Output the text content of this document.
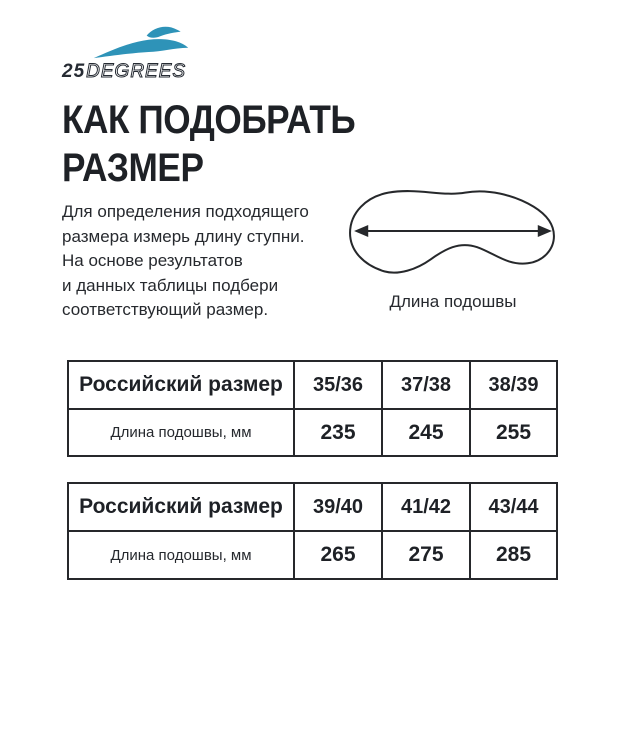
25DEGREES
КАК ПОДОБРАТЬ
РАЗМЕР

Для определения подходящего
размера измерь длину ступни.
На основе результатов
и данных таблицы подбери
соответствующий размер.	Длина подошвы
Российский размер	35/36	37/38	38/39
Длина подошвы, мм	235	245	255
Российский размер	39/40	41/42	43/44
Длина подошвы, мм	265	275	285
